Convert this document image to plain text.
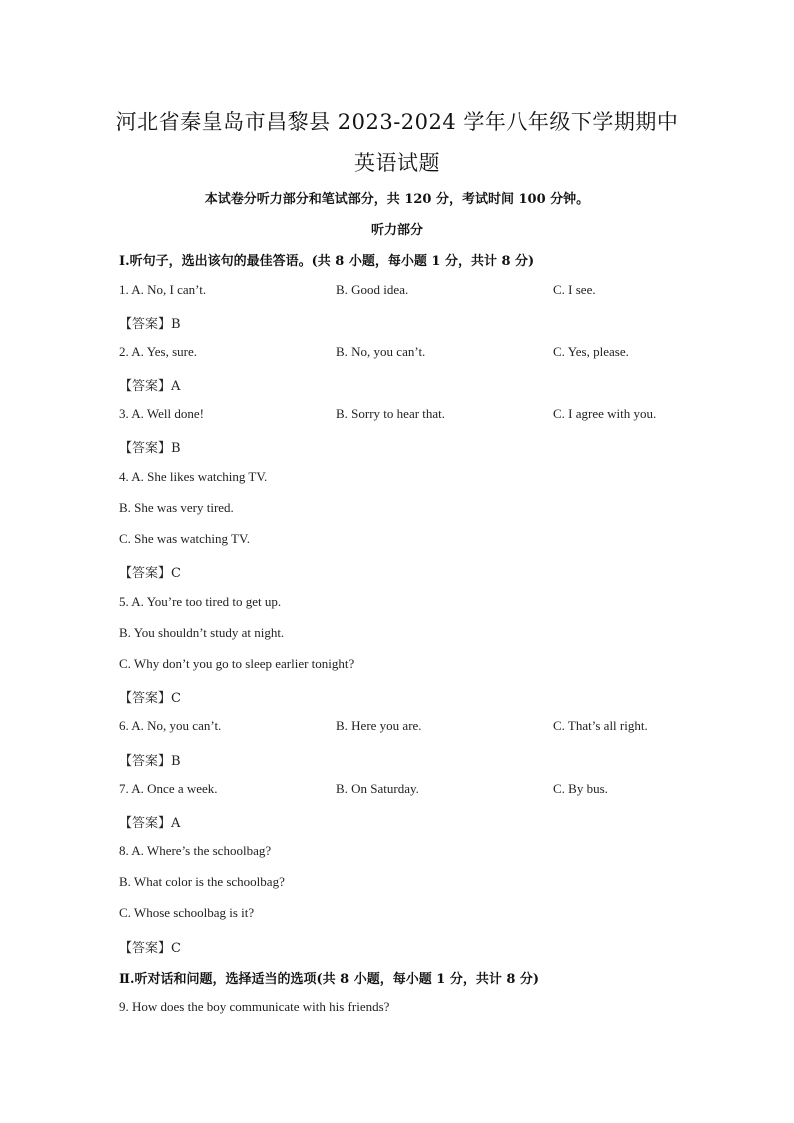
河北省秦皇岛市昌黎县 2023-2024 学年八年级下学期期中
英语试题
本试卷分听力部分和笔试部分，共 120 分，考试时间 100 分钟。
听力部分
Ⅰ.听句子，选出该句的最佳答语。(共 8 小题，每小题 1 分，共计 8 分)
1. A. No, I can’t.	B. Good idea.	C. I see.
【答案】B
2. A. Yes, sure.	B. No, you can’t.	C. Yes, please.
【答案】A
3. A. Well done!	B. Sorry to hear that.	C. I agree with you.
【答案】B
4. A. She likes watching TV.
B. She was very tired.
C. She was watching TV.
【答案】C
5. A. You’re too tired to get up.
B. You shouldn’t study at night.
C. Why don’t you go to sleep earlier tonight?
【答案】C
6. A. No, you can’t.	B. Here you are.	C. That’s all right.
【答案】B
7. A. Once a week.	B. On Saturday.	C. By bus.
【答案】A
8. A. Where’s the schoolbag?
B. What color is the schoolbag?
C. Whose schoolbag is it?
【答案】C
Ⅱ.听对话和问题，选择适当的选项(共 8 小题，每小题 1 分，共计 8 分)
9. How does the boy communicate with his friends?
